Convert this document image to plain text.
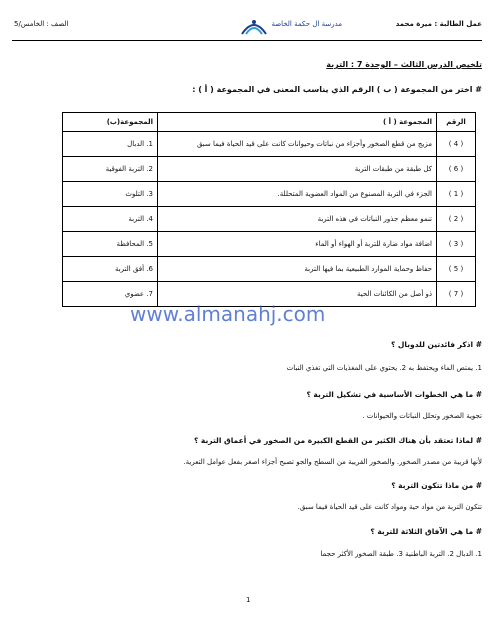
عمل الطالبة : ميرة محمد
مدرسة ال حكمة الخاصة
الصف : الخامس/5
تلخيص الدرس الثالث – الوحدة 7 : التربة
# اختر من المجموعة ( ب ) الرقم الذي يناسب المعنى في المجموعة ( أ ) :
الرقم	المجموعة ( أ )	المجموعة(ب)
( 4 )	مزيج من قطع الصخور وأجزاء من نباتات وحيوانات كانت على قيد الحياة فيما سبق	1. الدبال
( 6 )	كل طبقة من طبقات التربة	2. التربة الفوقية
( 1 )	الجزء في التربة المصنوع من المواد العضوية المتحللة.	3. التلوث
( 2 )	تنمو معظم جذور النباتات في هذه التربة	4. التربة
( 3 )	اضافة مواد ضارة للتربة أو الهواء أو الماء	5. المحافظة
( 5 )	حفاظ وحماية الموارد الطبيعية بما فيها التربة	6. أفق التربة
( 7 )	ذو أصل من الكائنات الحية	7. عضوي
www.almanahj.com
# اذكر فائدتين للدوبال ؟
1. يمتص الماء ويحتفظ به 2. يحتوي على المغذيات التي تغذي النبات
# ما هي الخطوات الأساسية في تشكيل التربة ؟
تجوية الصخور وتحلل النباتات والحيوانات .
# لماذا تعتقد بأن هناك الكثير من القطع الكبيرة من الصخور في أعماق التربة ؟
لأنها قريبة من مصدر الصخور. والصخور القريبة من السطح والجو تصبح أجزاء اصغر بفعل عوامل التعرية.
# من ماذا تتكون التربة ؟
تتكون التربة من مواد حية ومواد كانت على قيد الحياة فيما سبق.
# ما هي الآفاق الثلاثة للتربة ؟
1. الدبال 2. التربة الباطنية 3. طبقة الصخور الأكثر حجما
1
